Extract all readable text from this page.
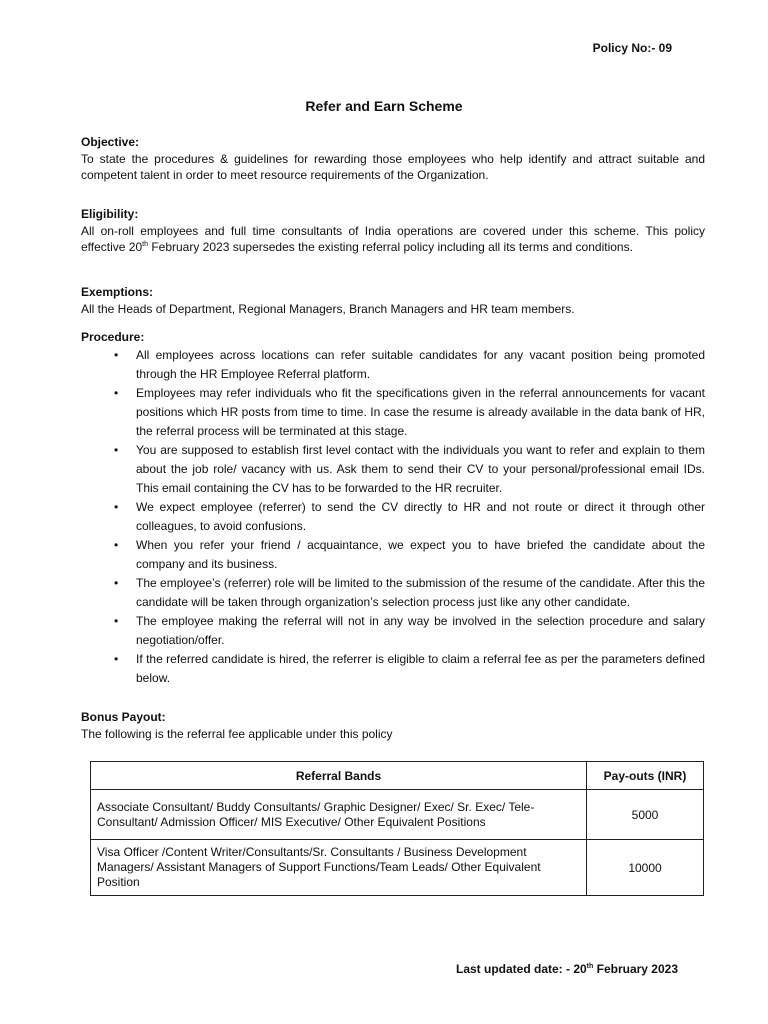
Policy No:- 09
Refer and Earn Scheme
Objective:
To state the procedures & guidelines for rewarding those employees who help identify and attract suitable and competent talent in order to meet resource requirements of the Organization.
Eligibility:
All on-roll employees and full time consultants of India operations are covered under this scheme. This policy effective 20th February 2023 supersedes the existing referral policy including all its terms and conditions.
Exemptions:
All the Heads of Department, Regional Managers, Branch Managers and HR team members.
Procedure:
• All employees across locations can refer suitable candidates for any vacant position being promoted through the HR Employee Referral platform.
• Employees may refer individuals who fit the specifications given in the referral announcements for vacant positions which HR posts from time to time. In case the resume is already available in the data bank of HR, the referral process will be terminated at this stage.
• You are supposed to establish first level contact with the individuals you want to refer and explain to them about the job role/ vacancy with us. Ask them to send their CV to your personal/professional email IDs. This email containing the CV has to be forwarded to the HR recruiter.
• We expect employee (referrer) to send the CV directly to HR and not route or direct it through other colleagues, to avoid confusions.
• When you refer your friend / acquaintance, we expect you to have briefed the candidate about the company and its business.
• The employee’s (referrer) role will be limited to the submission of the resume of the candidate. After this the candidate will be taken through organization’s selection process just like any other candidate.
• The employee making the referral will not in any way be involved in the selection procedure and salary negotiation/offer.
• If the referred candidate is hired, the referrer is eligible to claim a referral fee as per the parameters defined below.
Bonus Payout:
The following is the referral fee applicable under this policy
Referral Bands	Pay-outs (INR)
Associate Consultant/ Buddy Consultants/ Graphic Designer/ Exec/ Sr. Exec/ Tele-Consultant/ Admission Officer/ MIS Executive/ Other Equivalent Positions	5000
Visa Officer /Content Writer/Consultants/Sr. Consultants / Business Development Managers/ Assistant Managers of Support Functions/Team Leads/ Other Equivalent Position	10000
Last updated date: - 20th February 2023
